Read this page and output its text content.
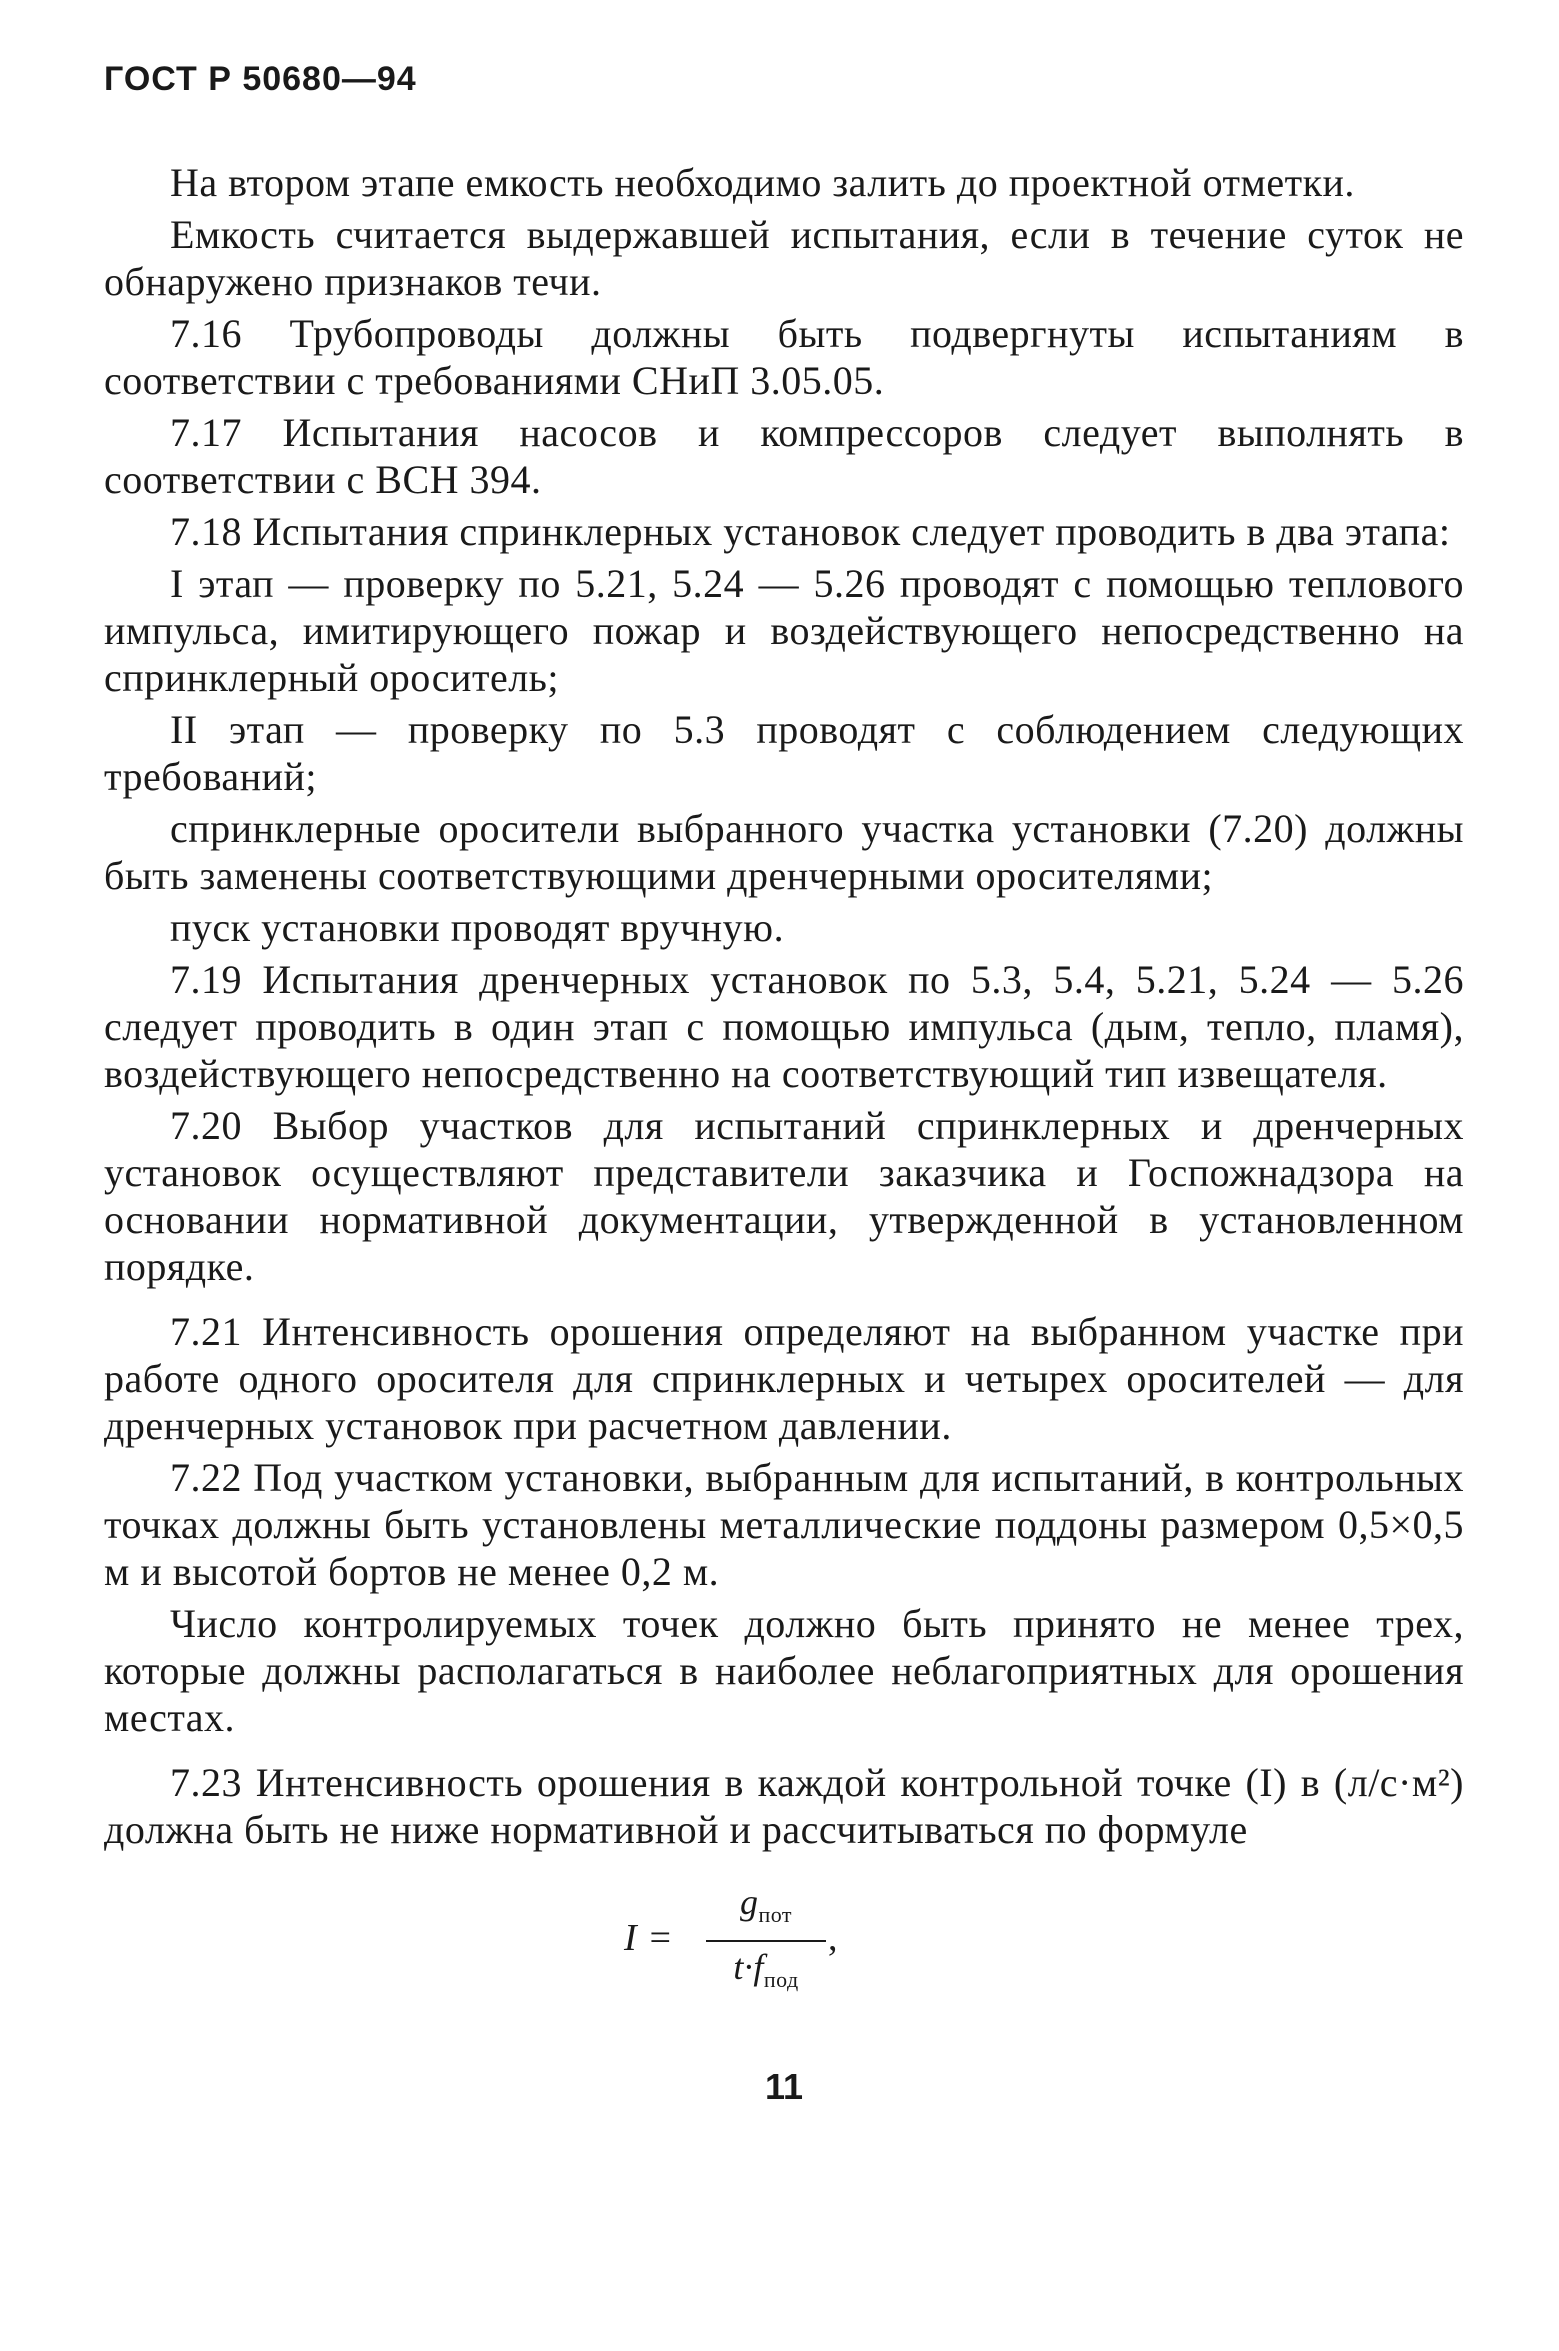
ГОСТ Р 50680—94

На втором этапе емкость необходимо залить до проектной отметки.

Емкость считается выдержавшей испытания, если в течение суток не обнаружено признаков течи.

7.16 Трубопроводы должны быть подвергнуты испытаниям в соответствии с требованиями СНиП 3.05.05.

7.17 Испытания насосов и компрессоров следует выполнять в соответствии с ВСН 394.

7.18 Испытания спринклерных установок следует проводить в два этапа:

I этап — проверку по 5.21, 5.24 — 5.26 проводят с помощью теплового импульса, имитирующего пожар и воздействующего непосредственно на спринклерный ороситель;

II этап — проверку по 5.3 проводят с соблюдением следующих требований;

спринклерные оросители выбранного участка установки (7.20) должны быть заменены соответствующими дренчерными оросителями;

пуск установки проводят вручную.

7.19 Испытания дренчерных установок по 5.3, 5.4, 5.21, 5.24 — 5.26 следует проводить в один этап с помощью импульса (дым, тепло, пламя), воздействующего непосредственно на соответствующий тип извещателя.

7.20 Выбор участков для испытаний спринклерных и дренчерных установок осуществляют представители заказчика и Госпожнадзора на основании нормативной документации, утвержденной в установленном порядке.

7.21 Интенсивность орошения определяют на выбранном участке при работе одного оросителя для спринклерных и четырех оросителей — для дренчерных установок при расчетном давлении.

7.22 Под участком установки, выбранным для испытаний, в контрольных точках должны быть установлены металлические поддоны размером 0,5×0,5 м и высотой бортов не менее 0,2 м.

Число контролируемых точек должно быть принято не менее трех, которые должны располагаться в наиболее неблагоприятных для орошения местах.

7.23 Интенсивность орошения в каждой контрольной точке (I) в (л/с·м²) должна быть не ниже нормативной и рассчитываться по формуле

I =
$g_{пот}$
$t\cdot f_{под}$
,
11
